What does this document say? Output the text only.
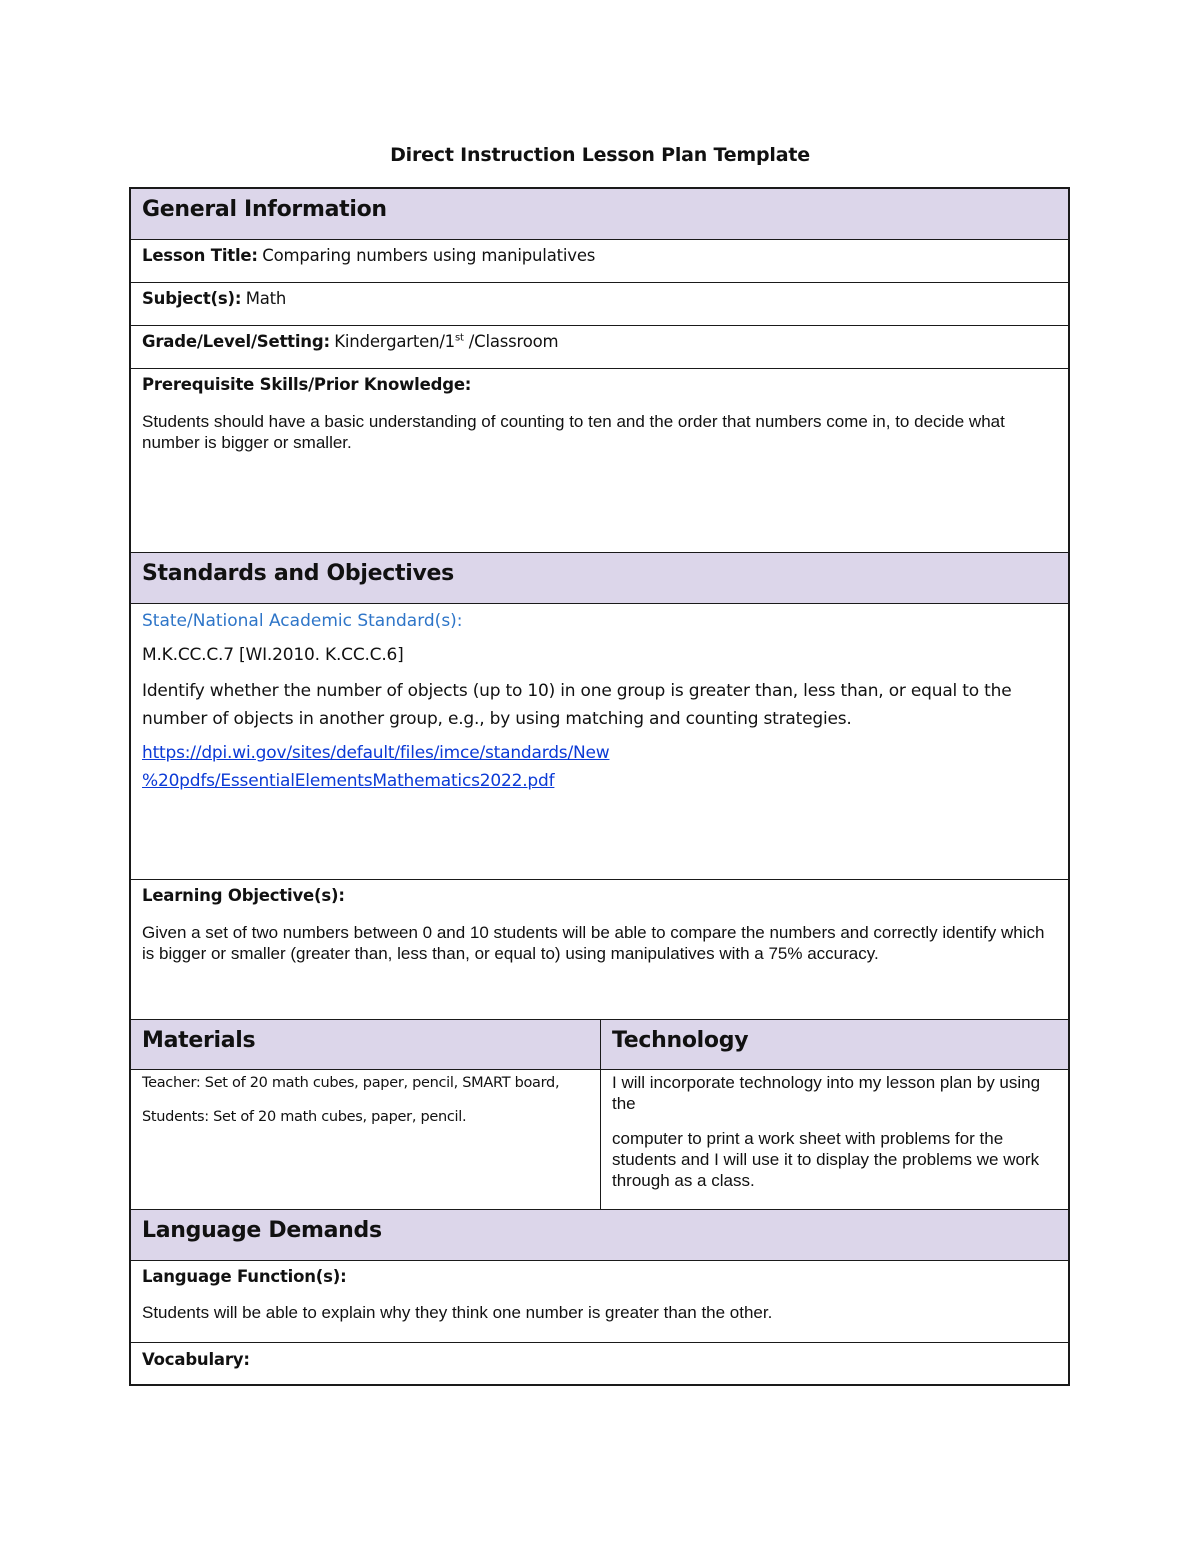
Direct Instruction Lesson Plan Template
General Information
Lesson Title: Comparing numbers using manipulatives
Subject(s): Math
Grade/Level/Setting: Kindergarten/1st /Classroom
Prerequisite Skills/Prior Knowledge:

Students should have a basic understanding of counting to ten and the order that numbers come in, to decide what number is bigger or smaller.

Standards and Objectives
State/National Academic Standard(s):
M.K.CC.C.7 [WI.2010. K.CC.C.6]

Identify whether the number of objects (up to 10) in one group is greater than, less than, or equal to the number of objects in another group, e.g., by using matching and counting strategies.

https://dpi.wi.gov/sites/default/files/imce/standards/New
%20pdfs/EssentialElementsMathematics2022.pdf
Learning Objective(s):

Given a set of two numbers between 0 and 10 students will be able to compare the numbers and correctly identify which is bigger or smaller (greater than, less than, or equal to) using manipulatives with a 75% accuracy.

Materials	Technology

Teacher: Set of 20 math cubes, paper, pencil, SMART board,

Students: Set of 20 math cubes, paper, pencil.

I will incorporate technology into my lesson plan by using the

computer to print a work sheet with problems for the students and I will use it to display the problems we work through as a class.

Language Demands
Language Function(s):

Students will be able to explain why they think one number is greater than the other.

Vocabulary:
